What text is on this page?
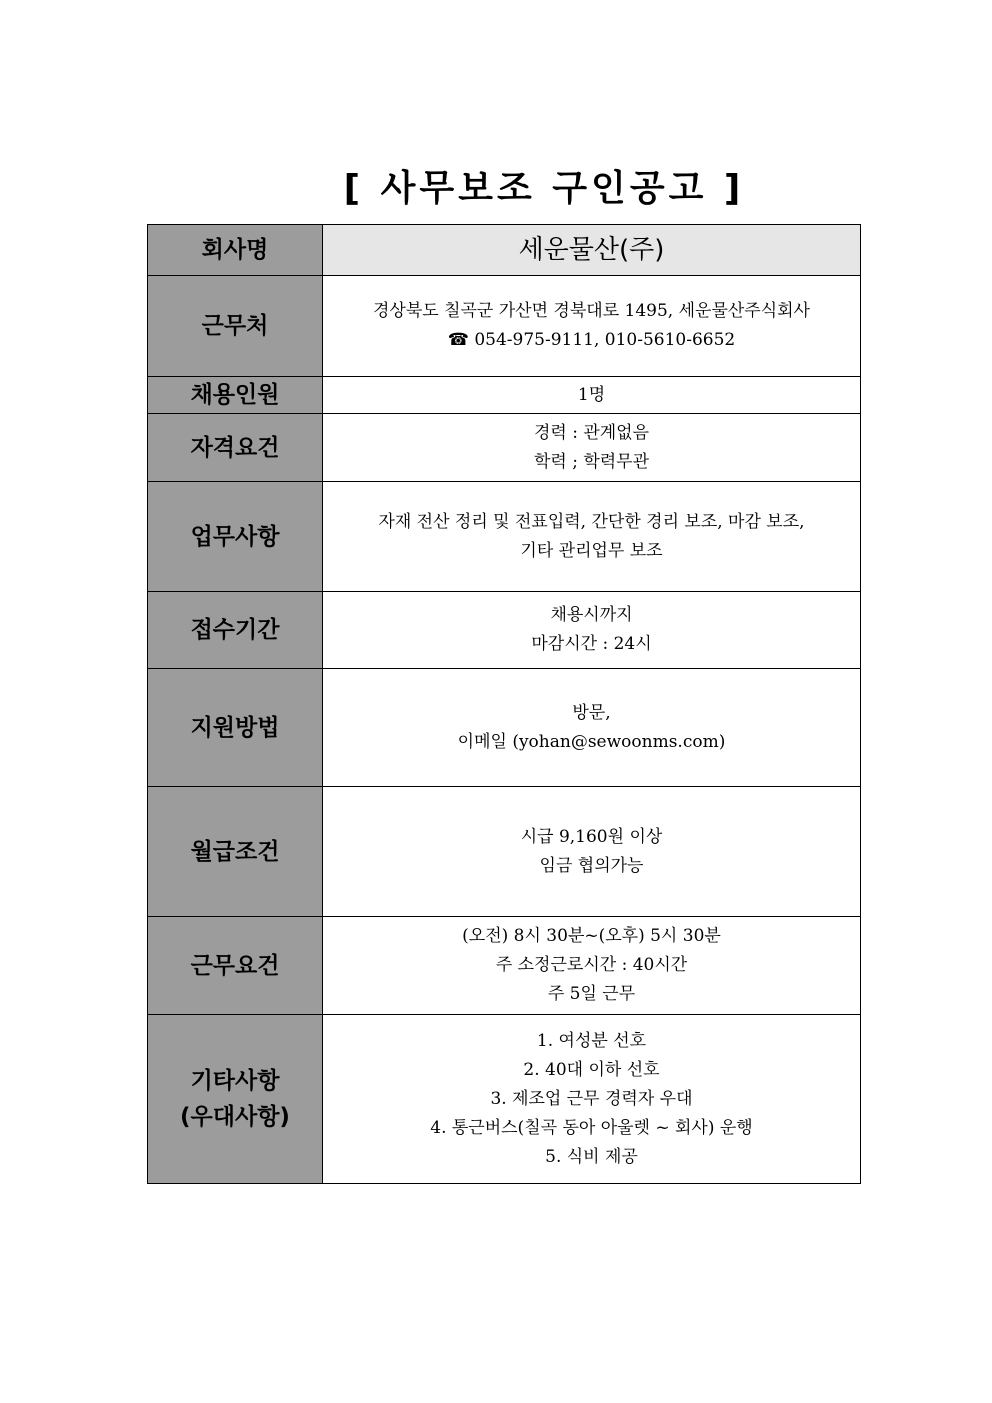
[ 사무보조 구인공고 ]
회사명	세운물산(주)

근무처	경상북도 칠곡군 가산면 경북대로 1495, 세운물산주식회사
☎ 054-975-9111, 010-5610-6652

채용인원	1명

자격요건	경력 : 관계없음
학력 ; 학력무관

업무사항	자재 전산 정리 및 전표입력, 간단한 경리 보조, 마감 보조,
기타 관리업무 보조

접수기간	채용시까지
마감시간 : 24시

지원방법	방문,
이메일 (yohan@sewoonms.com)

월급조건	시급 9,160원 이상
임금 협의가능

근무요건	(오전) 8시 30분~(오후) 5시 30분
주 소정근로시간 : 40시간
주 5일 근무

기타사항
(우대사항)	1. 여성분 선호
2. 40대 이하 선호
3. 제조업 근무 경력자 우대
4. 통근버스(칠곡 동아 아울렛 ~ 회사) 운행
5. 식비 제공
